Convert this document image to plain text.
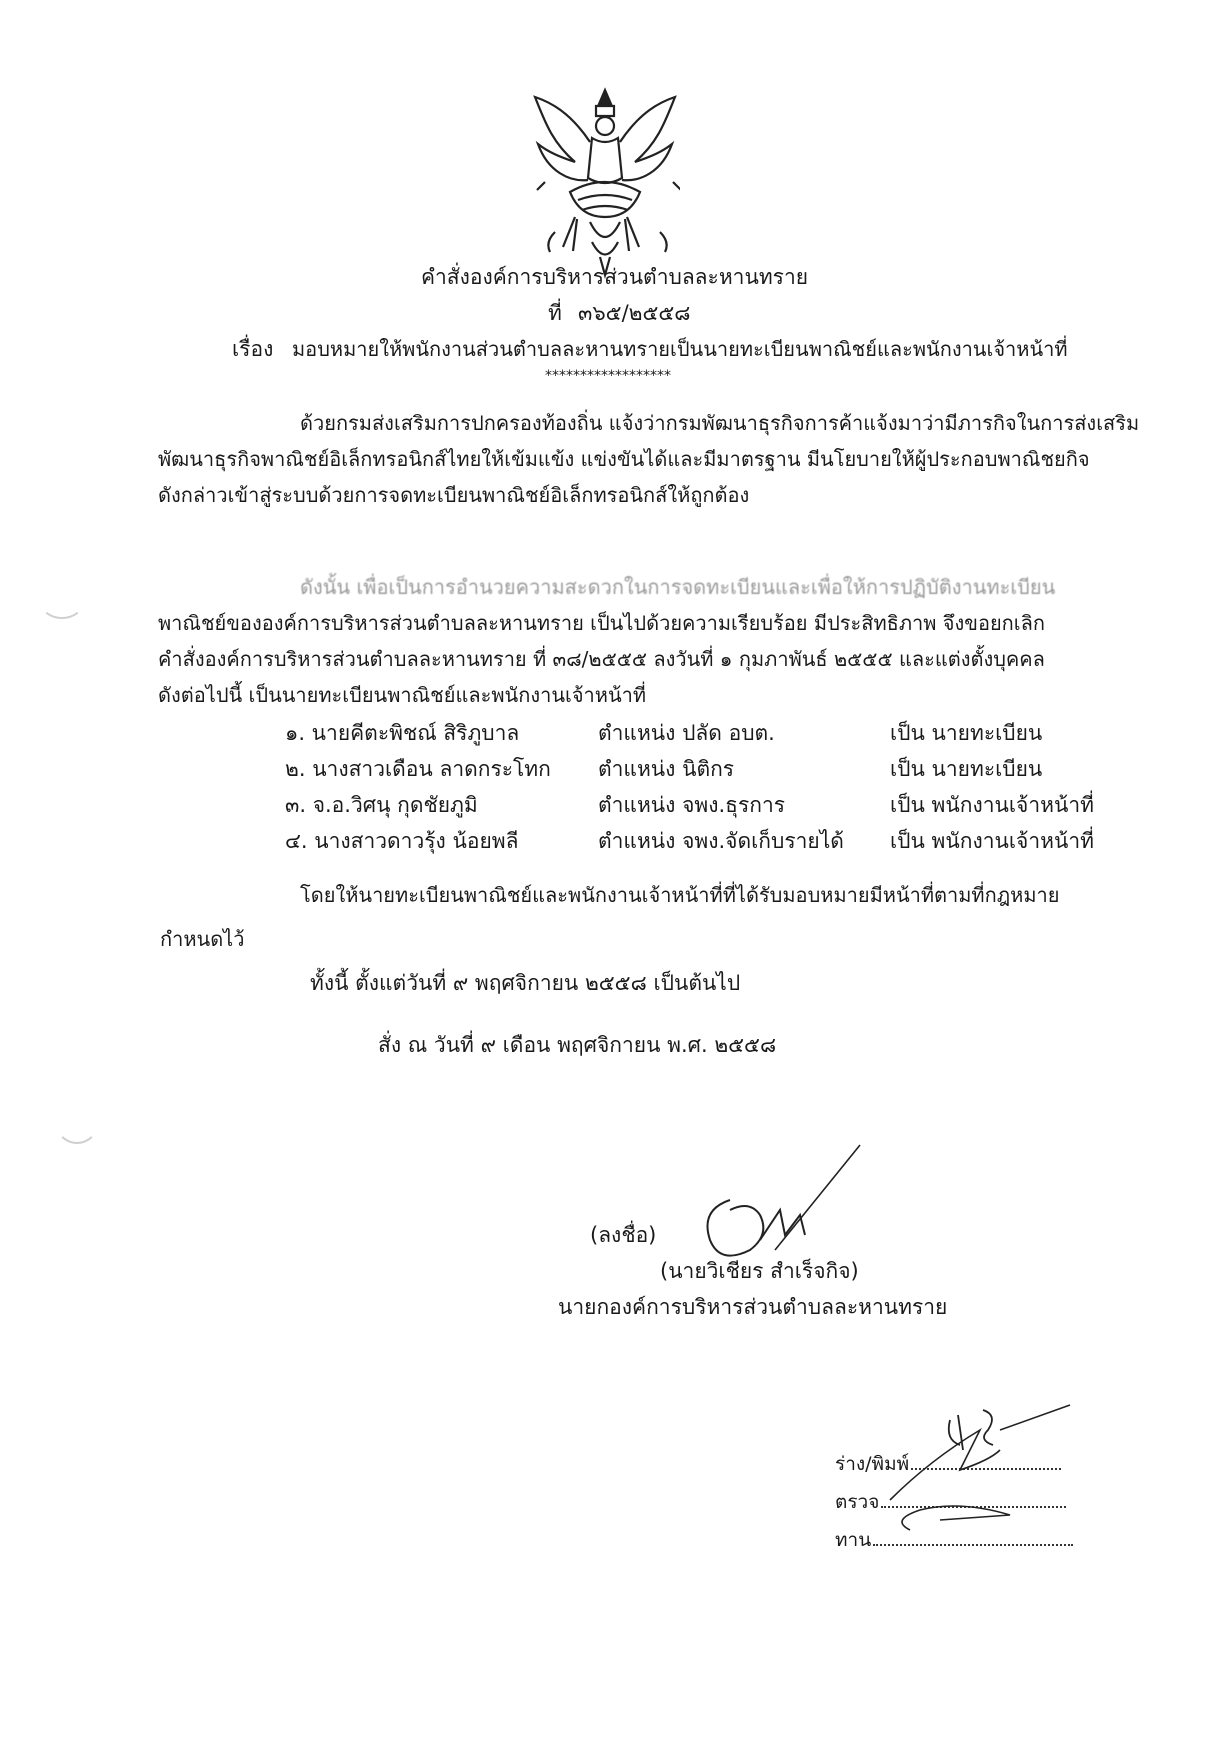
คำสั่งองค์การบริหารส่วนตำบลละหานทราย
ที่ ๓๖๕/๒๕๕๘
เรื่อง มอบหมายให้พนักงานส่วนตำบลละหานทรายเป็นนายทะเบียนพาณิชย์และพนักงานเจ้าหน้าที่
******************
ด้วยกรมส่งเสริมการปกครองท้องถิ่น แจ้งว่ากรมพัฒนาธุรกิจการค้าแจ้งมาว่ามีภารกิจในการส่งเสริม
พัฒนาธุรกิจพาณิชย์อิเล็กทรอนิกส์ไทยให้เข้มแข้ง แข่งขันได้และมีมาตรฐาน มีนโยบายให้ผู้ประกอบพาณิชยกิจ
ดังกล่าวเข้าสู่ระบบด้วยการจดทะเบียนพาณิชย์อิเล็กทรอนิกส์ให้ถูกต้อง
ดังนั้น เพื่อเป็นการอำนวยความสะดวกในการจดทะเบียนและเพื่อให้การปฏิบัติงานทะเบียน
พาณิชย์ขององค์การบริหารส่วนตำบลละหานทราย เป็นไปด้วยความเรียบร้อย มีประสิทธิภาพ จึงขอยกเลิก
คำสั่งองค์การบริหารส่วนตำบลละหานทราย ที่ ๓๘/๒๕๕๕ ลงวันที่ ๑ กุมภาพันธ์ ๒๕๕๕ และแต่งตั้งบุคคล
ดังต่อไปนี้ เป็นนายทะเบียนพาณิชย์และพนักงานเจ้าหน้าที่
๑. นายคีตะพิชณ์ สิริภูบาล	ตำแหน่ง ปลัด อบต.	เป็น นายทะเบียน
๒. นางสาวเดือน ลาดกระโทก ตำแหน่ง นิติกร	เป็น นายทะเบียน
๓. จ.อ.วิศนุ กุดชัยภูมิ	ตำแหน่ง จพง.ธุรการ	เป็น พนักงานเจ้าหน้าที่
๔. นางสาวดาวรุ้ง น้อยพลี	ตำแหน่ง จพง.จัดเก็บรายได้ เป็น พนักงานเจ้าหน้าที่
โดยให้นายทะเบียนพาณิชย์และพนักงานเจ้าหน้าที่ที่ได้รับมอบหมายมีหน้าที่ตามที่กฎหมาย
กำหนดไว้
ทั้งนี้ ตั้งแต่วันที่ ๙ พฤศจิกายน ๒๕๕๘ เป็นต้นไป
สั่ง ณ วันที่ ๙ เดือน พฤศจิกายน พ.ศ. ๒๕๕๘
(ลงชื่อ)
(นายวิเชียร สำเร็จกิจ)
นายกองค์การบริหารส่วนตำบลละหานทราย
ร่าง/พิมพ์
ตรวจ
ทาน
